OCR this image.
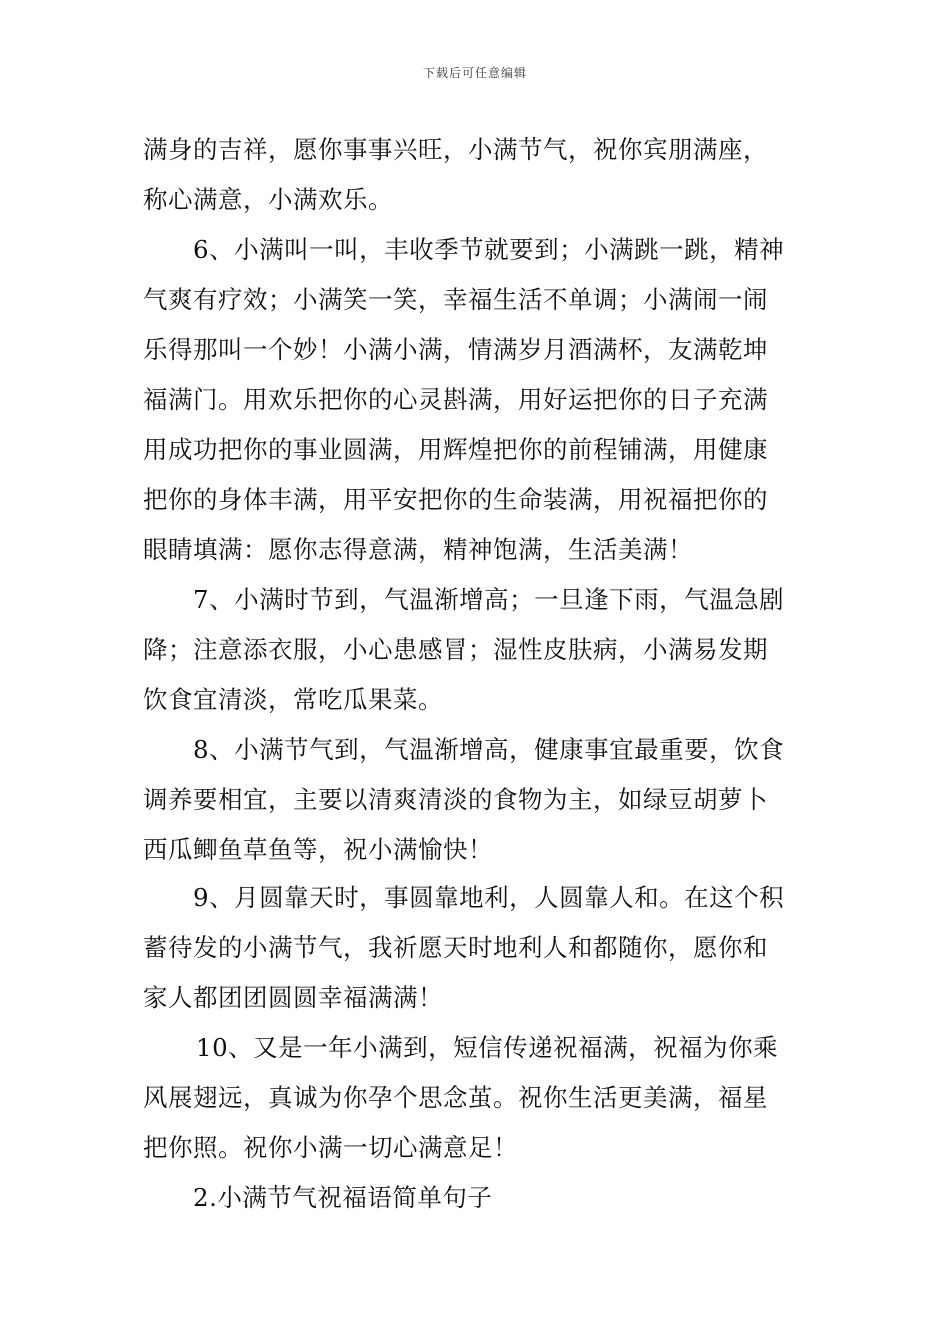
下载后可任意编辑
满身的吉祥，愿你事事兴旺，小满节气，祝你宾朋满座，
称心满意，小满欢乐。
6、小满叫一叫，丰收季节就要到；小满跳一跳，精神
气爽有疗效；小满笑一笑，幸福生活不单调；小满闹一闹
乐得那叫一个妙！小满小满，情满岁月酒满杯，友满乾坤
福满门。用欢乐把你的心灵斟满，用好运把你的日子充满
用成功把你的事业圆满，用辉煌把你的前程铺满，用健康
把你的身体丰满，用平安把你的生命装满，用祝福把你的
眼睛填满：愿你志得意满，精神饱满，生活美满！
7、小满时节到，气温渐增高；一旦逢下雨，气温急剧
降；注意添衣服，小心患感冒；湿性皮肤病，小满易发期
饮食宜清淡，常吃瓜果菜。
8、小满节气到，气温渐增高，健康事宜最重要，饮食
调养要相宜，主要以清爽清淡的食物为主，如绿豆胡萝卜
西瓜鲫鱼草鱼等，祝小满愉快！
9、月圆靠天时，事圆靠地利，人圆靠人和。在这个积
蓄待发的小满节气，我祈愿天时地利人和都随你，愿你和
家人都团团圆圆幸福满满！
10、又是一年小满到，短信传递祝福满，祝福为你乘
风展翅远，真诚为你孕个思念茧。祝你生活更美满，福星
把你照。祝你小满一切心满意足！
2.小满节气祝福语简单句子
